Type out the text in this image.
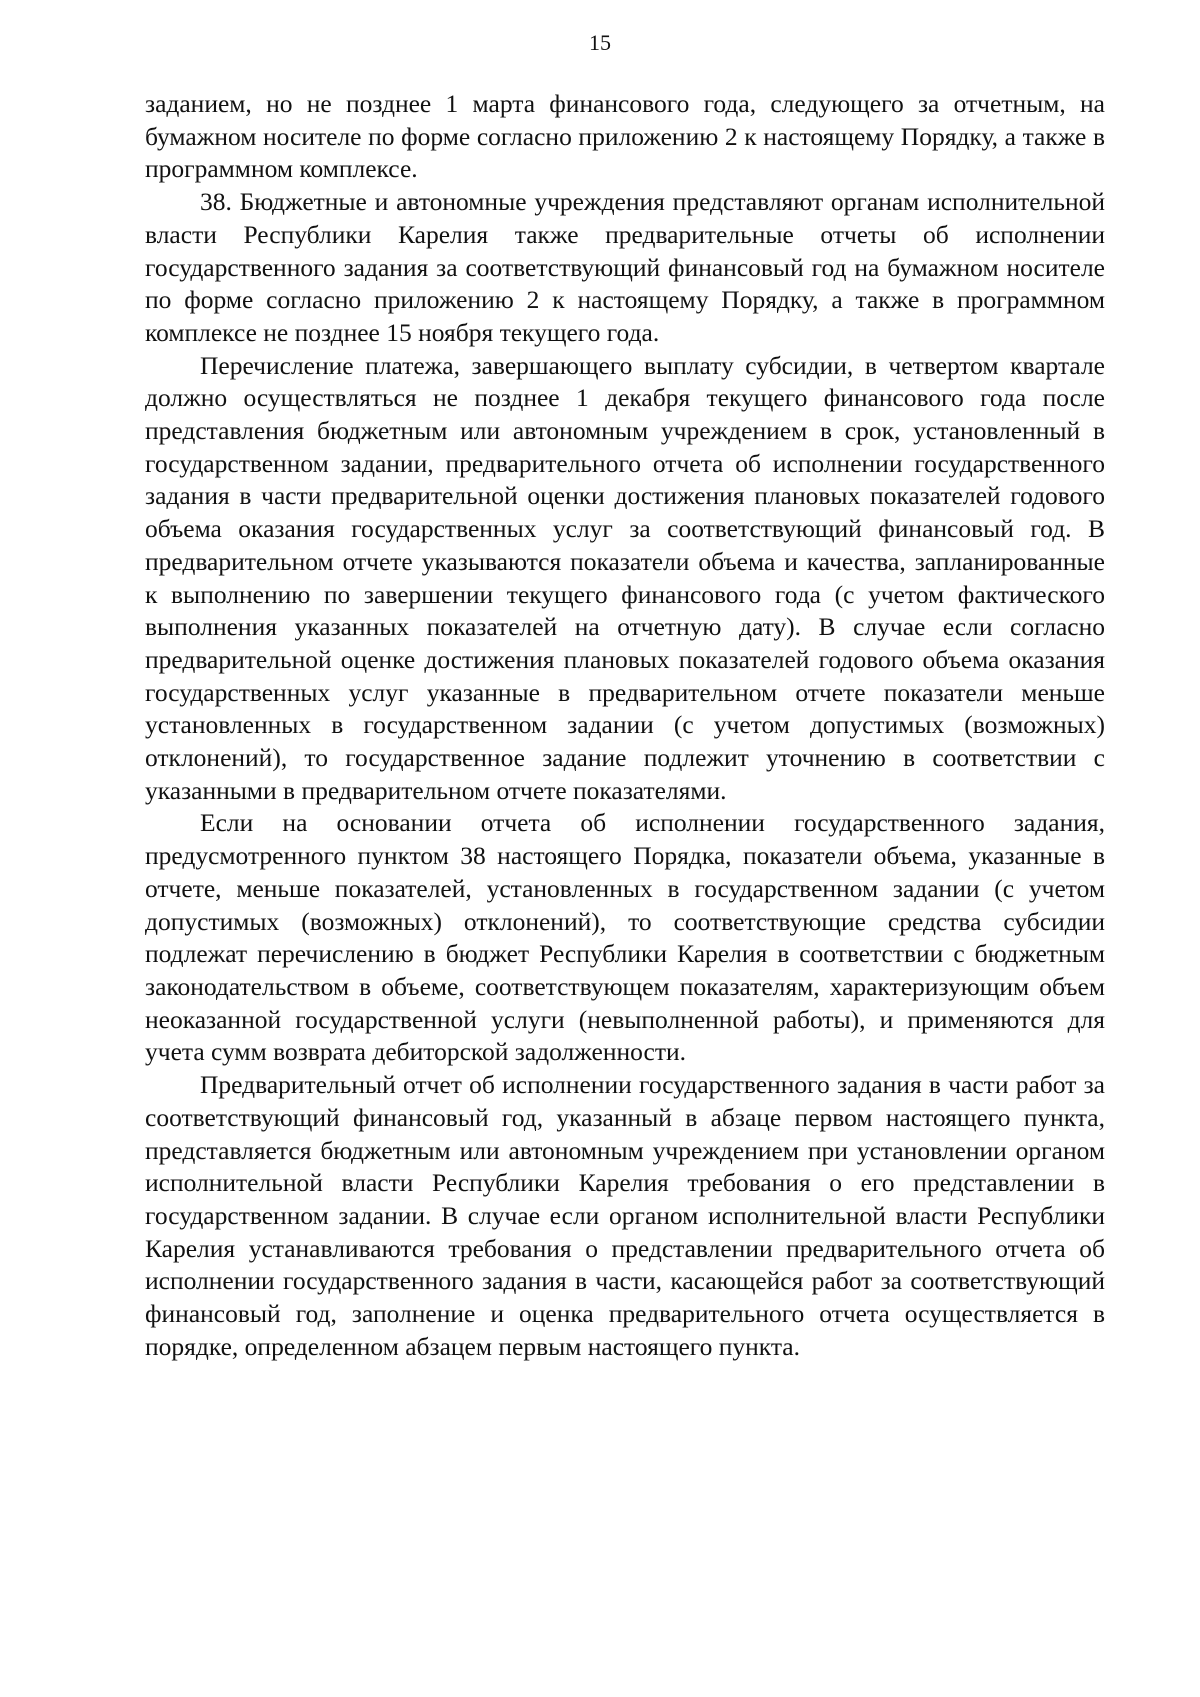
15

заданием, но не позднее 1 марта финансового года, следующего за отчетным, на бумажном носителе по форме согласно приложению 2 к настоящему Порядку, а также в программном комплексе.

38. Бюджетные и автономные учреждения представляют органам исполнительной власти Республики Карелия также предварительные отчеты об исполнении государственного задания за соответствующий финансовый год на бумажном носителе по форме согласно приложению 2 к настоящему Порядку, а также в программном комплексе не позднее 15 ноября текущего года.

Перечисление платежа, завершающего выплату субсидии, в четвертом квартале должно осуществляться не позднее 1 декабря текущего финансового года после представления бюджетным или автономным учреждением в срок, установленный в государственном задании, предварительного отчета об исполнении государственного задания в части предварительной оценки достижения плановых показателей годового объема оказания государственных услуг за соответствующий финансовый год. В предварительном отчете указываются показатели объема и качества, запланированные к выполнению по завершении текущего финансового года (с учетом фактического выполнения указанных показателей на отчетную дату). В случае если согласно предварительной оценке достижения плановых показателей годового объема оказания государственных услуг указанные в предварительном отчете показатели меньше установленных в государственном задании (с учетом допустимых (возможных) отклонений), то государственное задание подлежит уточнению в соответствии с указанными в предварительном отчете показателями.

Если на основании отчета об исполнении государственного задания, предусмотренного пунктом 38 настоящего Порядка, показатели объема, указанные в отчете, меньше показателей, установленных в государственном задании (с учетом допустимых (возможных) отклонений), то соответствующие средства субсидии подлежат перечислению в бюджет Республики Карелия в соответствии с бюджетным законодательством в объеме, соответствующем показателям, характеризующим объем неоказанной государственной услуги (невыполненной работы), и применяются для учета сумм возврата дебиторской задолженности.

Предварительный отчет об исполнении государственного задания в части работ за соответствующий финансовый год, указанный в абзаце первом настоящего пункта, представляется бюджетным или автономным учреждением при установлении органом исполнительной власти Республики Карелия требования о его представлении в государственном задании. В случае если органом исполнительной власти Республики Карелия устанавливаются требования о представлении предварительного отчета об исполнении государственного задания в части, касающейся работ за соответствующий финансовый год, заполнение и оценка предварительного отчета осуществляется в порядке, определенном абзацем первым настоящего пункта.
